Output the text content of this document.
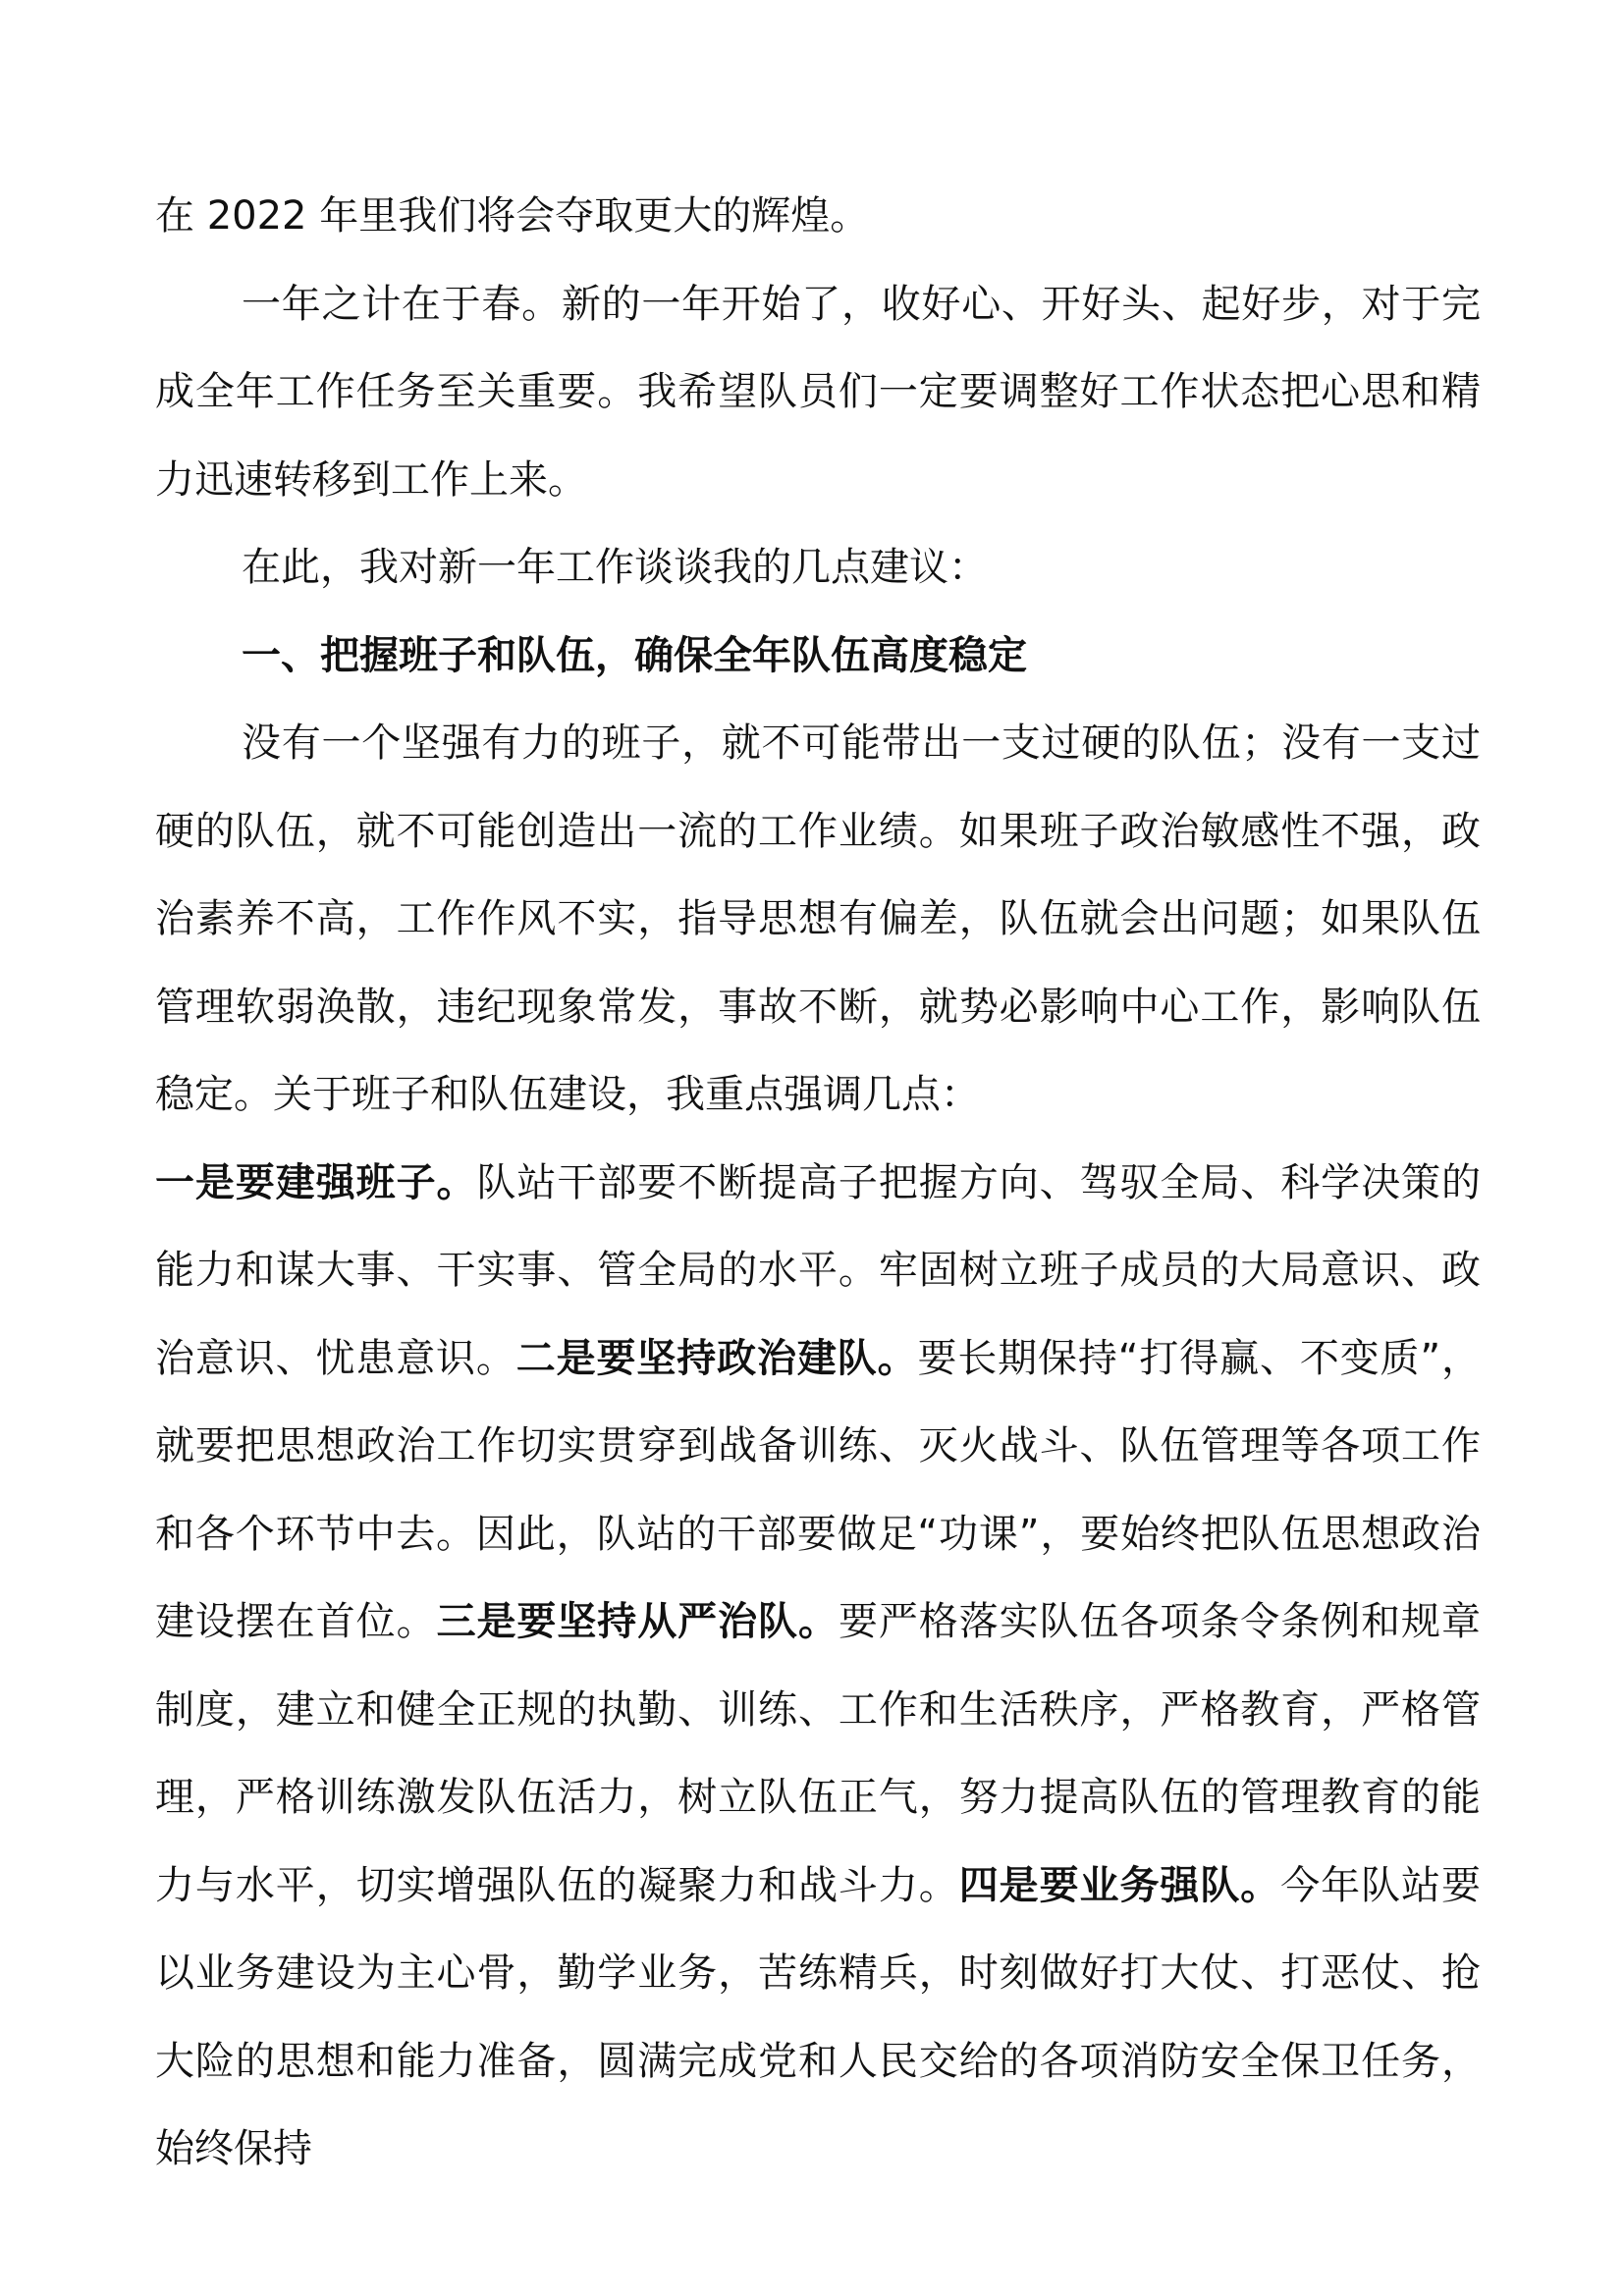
在 2022 年里我们将会夺取更大的辉煌。

一年之计在于春。新的一年开始了，收好心、开好头、起好步，对于完成全年工作任务至关重要。我希望队员们一定要调整好工作状态把心思和精力迅速转移到工作上来。

在此，我对新一年工作谈谈我的几点建议：

一、把握班子和队伍，确保全年队伍高度稳定

没有一个坚强有力的班子，就不可能带出一支过硬的队伍；没有一支过硬的队伍，就不可能创造出一流的工作业绩。如果班子政治敏感性不强，政治素养不高，工作作风不实，指导思想有偏差，队伍就会出问题；如果队伍管理软弱涣散，违纪现象常发，事故不断，就势必影响中心工作，影响队伍稳定。关于班子和队伍建设，我重点强调几点：

一是要建强班子。队站干部要不断提高子把握方向、驾驭全局、科学决策的能力和谋大事、干实事、管全局的水平。牢固树立班子成员的大局意识、政治意识、忧患意识。二是要坚持政治建队。要长期保持“打得赢、不变质”，就要把思想政治工作切实贯穿到战备训练、灭火战斗、队伍管理等各项工作和各个环节中去。因此，队站的干部要做足“功课”，要始终把队伍思想政治建设摆在首位。三是要坚持从严治队。要严格落实队伍各项条令条例和规章制度，建立和健全正规的执勤、训练、工作和生活秩序，严格教育，严格管理，严格训练激发队伍活力，树立队伍正气，努力提高队伍的管理教育的能力与水平，切实增强队伍的凝聚力和战斗力。四是要业务强队。今年队站要以业务建设为主心骨，勤学业务，苦练精兵，时刻做好打大仗、打恶仗、抢大险的思想和能力准备，圆满完成党和人民交给的各项消防安全保卫任务，始终保持
